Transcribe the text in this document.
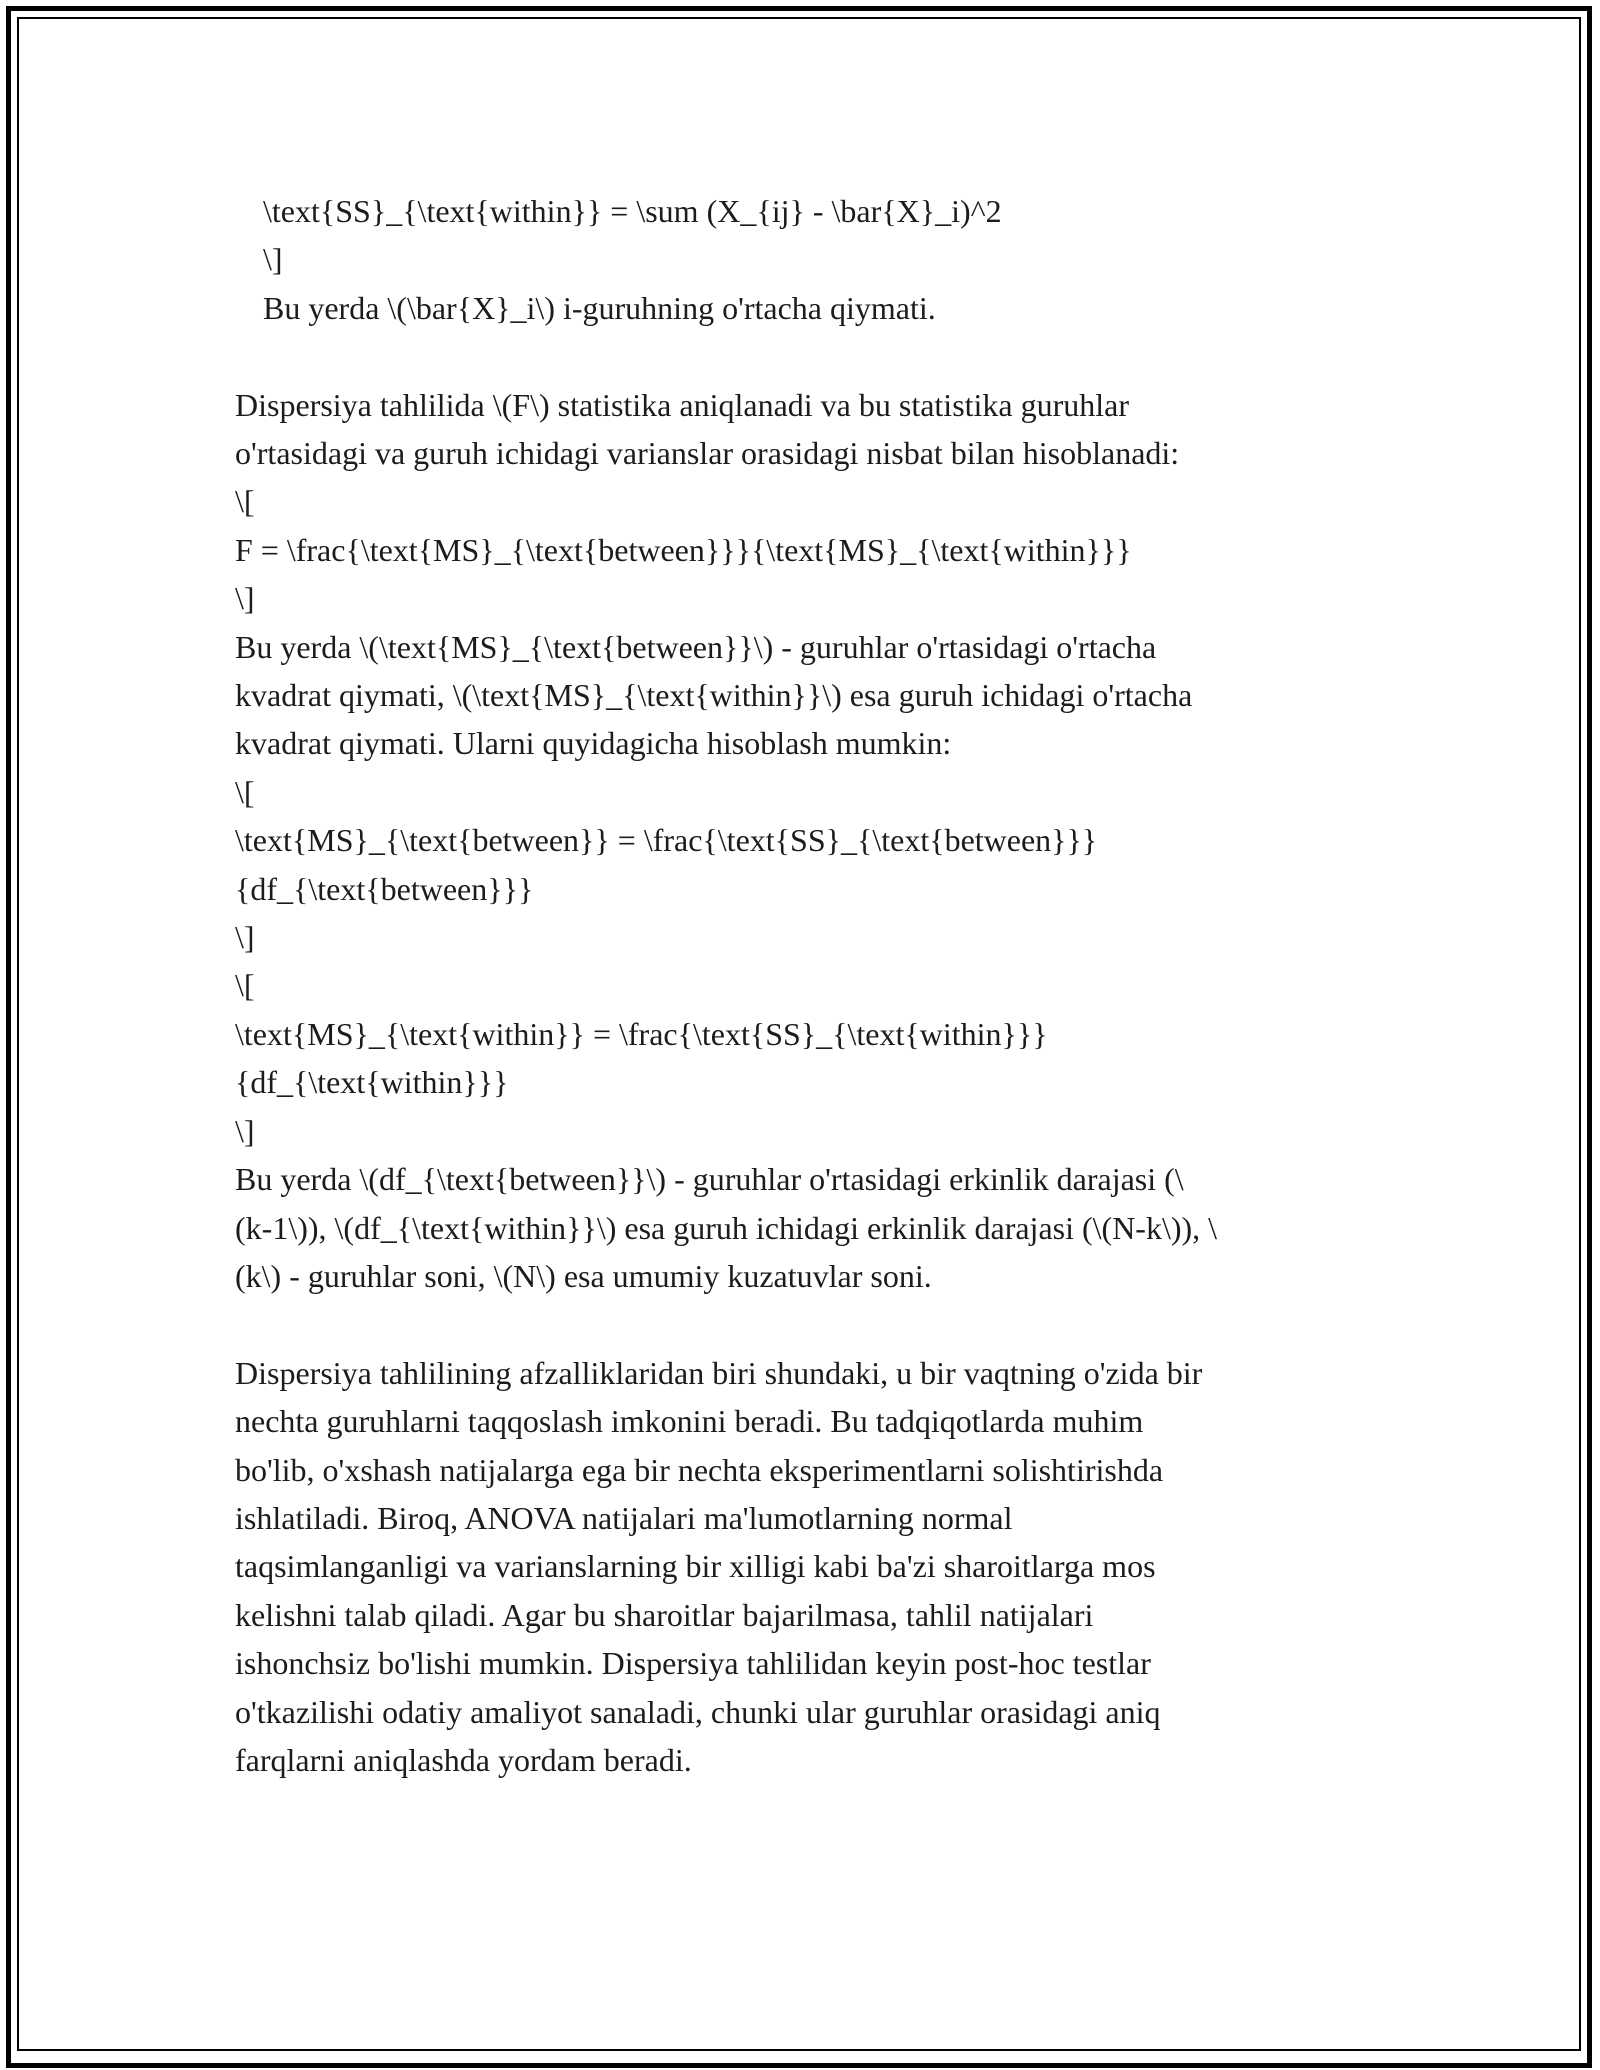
\text{SS}_{\text{within}} = \sum (X_{ij} - \bar{X}_i)^2
\]
Bu yerda \(\bar{X}_i\) i-guruhning o'rtacha qiymati.
Dispersiya tahlilida \(F\) statistika aniqlanadi va bu statistika guruhlar
o'rtasidagi va guruh ichidagi varianslar orasidagi nisbat bilan hisoblanadi:
\[
F = \frac{\text{MS}_{\text{between}}}{\text{MS}_{\text{within}}}
\]
Bu yerda \(\text{MS}_{\text{between}}\) - guruhlar o'rtasidagi o'rtacha
kvadrat qiymati, \(\text{MS}_{\text{within}}\) esa guruh ichidagi o'rtacha
kvadrat qiymati. Ularni quyidagicha hisoblash mumkin:
\[
\text{MS}_{\text{between}} = \frac{\text{SS}_{\text{between}}}
{df_{\text{between}}}
\]
\[
\text{MS}_{\text{within}} = \frac{\text{SS}_{\text{within}}}
{df_{\text{within}}}
\]
Bu yerda \(df_{\text{between}}\) - guruhlar o'rtasidagi erkinlik darajasi (\
(k-1\)), \(df_{\text{within}}\) esa guruh ichidagi erkinlik darajasi (\(N-k\)), \
(k\) - guruhlar soni, \(N\) esa umumiy kuzatuvlar soni.
Dispersiya tahlilining afzalliklaridan biri shundaki, u bir vaqtning o'zida bir
nechta guruhlarni taqqoslash imkonini beradi. Bu tadqiqotlarda muhim
bo'lib, o'xshash natijalarga ega bir nechta eksperimentlarni solishtirishda
ishlatiladi. Biroq, ANOVA natijalari ma'lumotlarning normal
taqsimlanganligi va varianslarning bir xilligi kabi ba'zi sharoitlarga mos
kelishni talab qiladi. Agar bu sharoitlar bajarilmasa, tahlil natijalari
ishonchsiz bo'lishi mumkin. Dispersiya tahlilidan keyin post-hoc testlar
o'tkazilishi odatiy amaliyot sanaladi, chunki ular guruhlar orasidagi aniq
farqlarni aniqlashda yordam beradi.
